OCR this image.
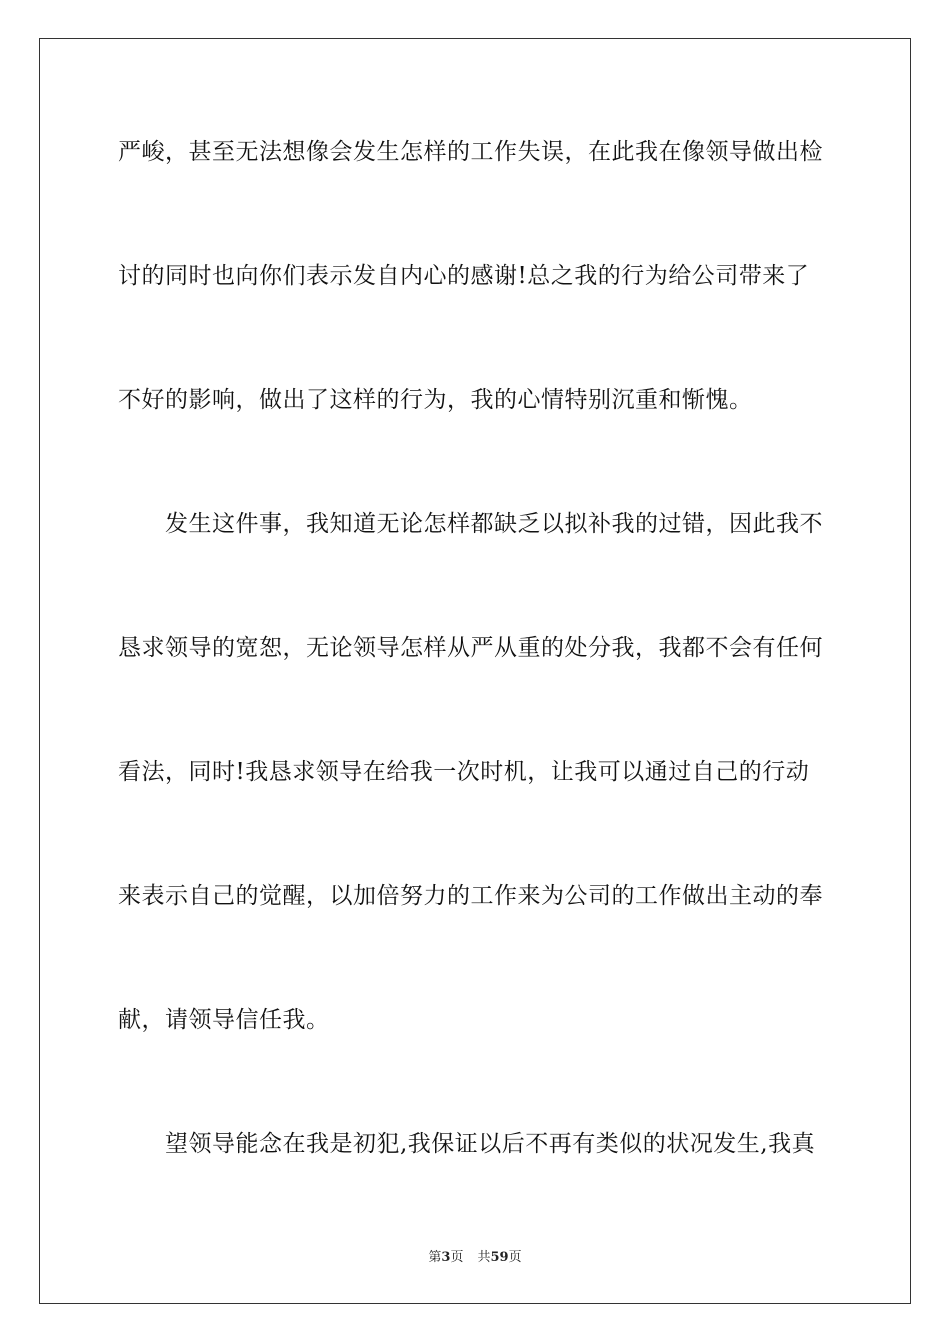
严峻，甚至无法想像会发生怎样的工作失误，在此我在像领导做出检
讨的同时也向你们表示发自内心的感谢!总之我的行为给公司带来了
不好的影响，做出了这样的行为，我的心情特别沉重和惭愧。
发生这件事，我知道无论怎样都缺乏以拟补我的过错，因此我不
恳求领导的宽恕，无论领导怎样从严从重的处分我，我都不会有任何
看法，同时!我恳求领导在给我一次时机，让我可以通过自己的行动
来表示自己的觉醒，以加倍努力的工作来为公司的工作做出主动的奉
献，请领导信任我。
望领导能念在我是初犯,我保证以后不再有类似的状况发生,我真
第3页 共59页
